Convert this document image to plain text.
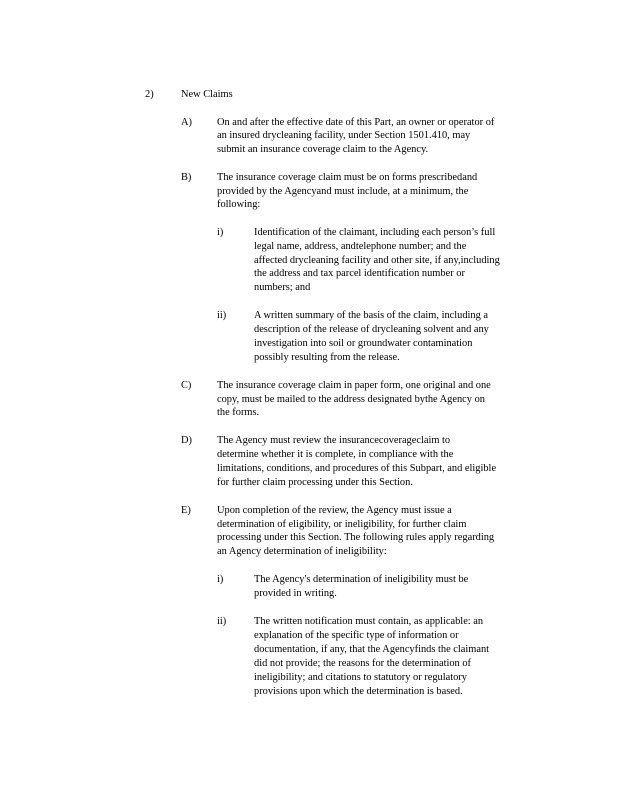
2)	New Claims
A) On and after the effective date of this Part, an owner or operator of
an insured drycleaning facility, under Section 1501.410, may
submit an insurance coverage claim to the Agency.
B) The insurance coverage claim must be on forms prescribedand
provided by the Agencyand must include, at a minimum, the
following:
i)	Identification of the claimant, including each person’s full
legal name, address, andtelephone number; and the
affected drycleaning facility and other site, if any,including
the address and tax parcel identification number or
numbers; and
ii)	A written summary of the basis of the claim, including a
description of the release of drycleaning solvent and any
investigation into soil or groundwater contamination
possibly resulting from the release.
C) The insurance coverage claim in paper form, one original and one
copy, must be mailed to the address designated bythe Agency on
the forms.
D) The Agency must review the insurancecoverageclaim to
determine whether it is complete, in compliance with the
limitations, conditions, and procedures of this Subpart, and eligible
for further claim processing under this Section.
E)	Upon completion of the review, the Agency must issue a
determination of eligibility, or ineligibility, for further claim
processing under this Section. The following rules apply regarding
an Agency determination of ineligibility:
i)	The Agency's determination of ineligibility must be
provided in writing.
ii)	The written notification must contain, as applicable: an
explanation of the specific type of information or
documentation, if any, that the Agencyfinds the claimant
did not provide; the reasons for the determination of
ineligibility; and citations to statutory or regulatory
provisions upon which the determination is based.
